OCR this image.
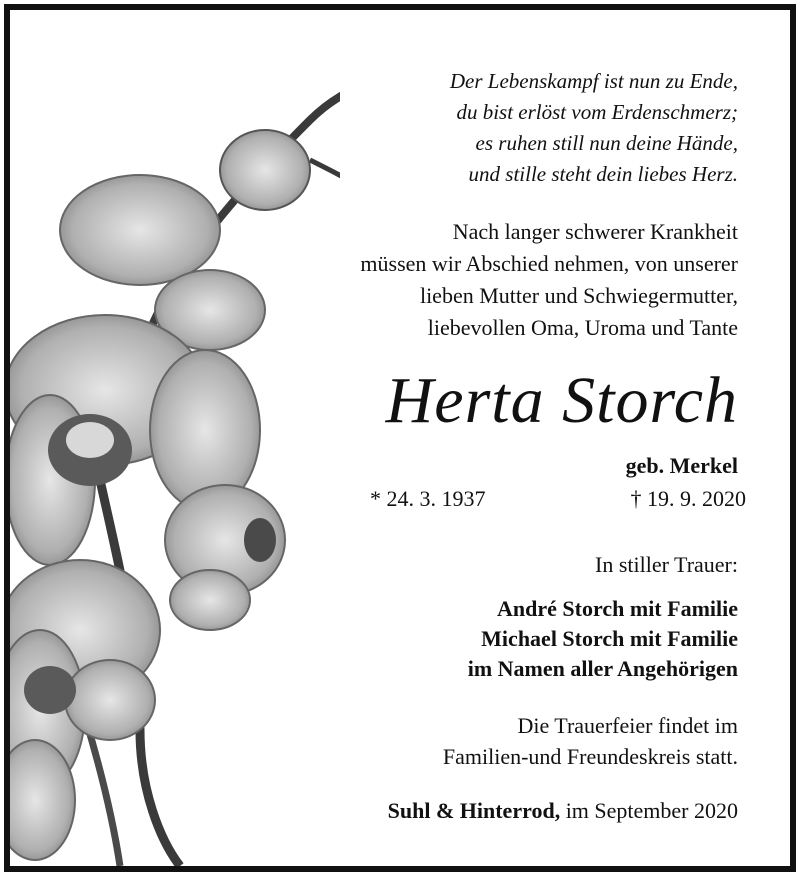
Der Lebenskampf ist nun zu Ende,
du bist erlöst vom Erdenschmerz;
es ruhen still nun deine Hände,
und stille steht dein liebes Herz.
Nach langer schwerer Krankheit
müssen wir Abschied nehmen, von unserer
lieben Mutter und Schwiegermutter,
liebevollen Oma, Uroma und Tante
Herta Storch
geb. Merkel
* 24. 3. 1937	† 19. 9. 2020
In stiller Trauer:
André Storch mit Familie
Michael Storch mit Familie
im Namen aller Angehörigen
Die Trauerfeier findet im
Familien-und Freundeskreis statt.
Suhl & Hinterrod, im September 2020
